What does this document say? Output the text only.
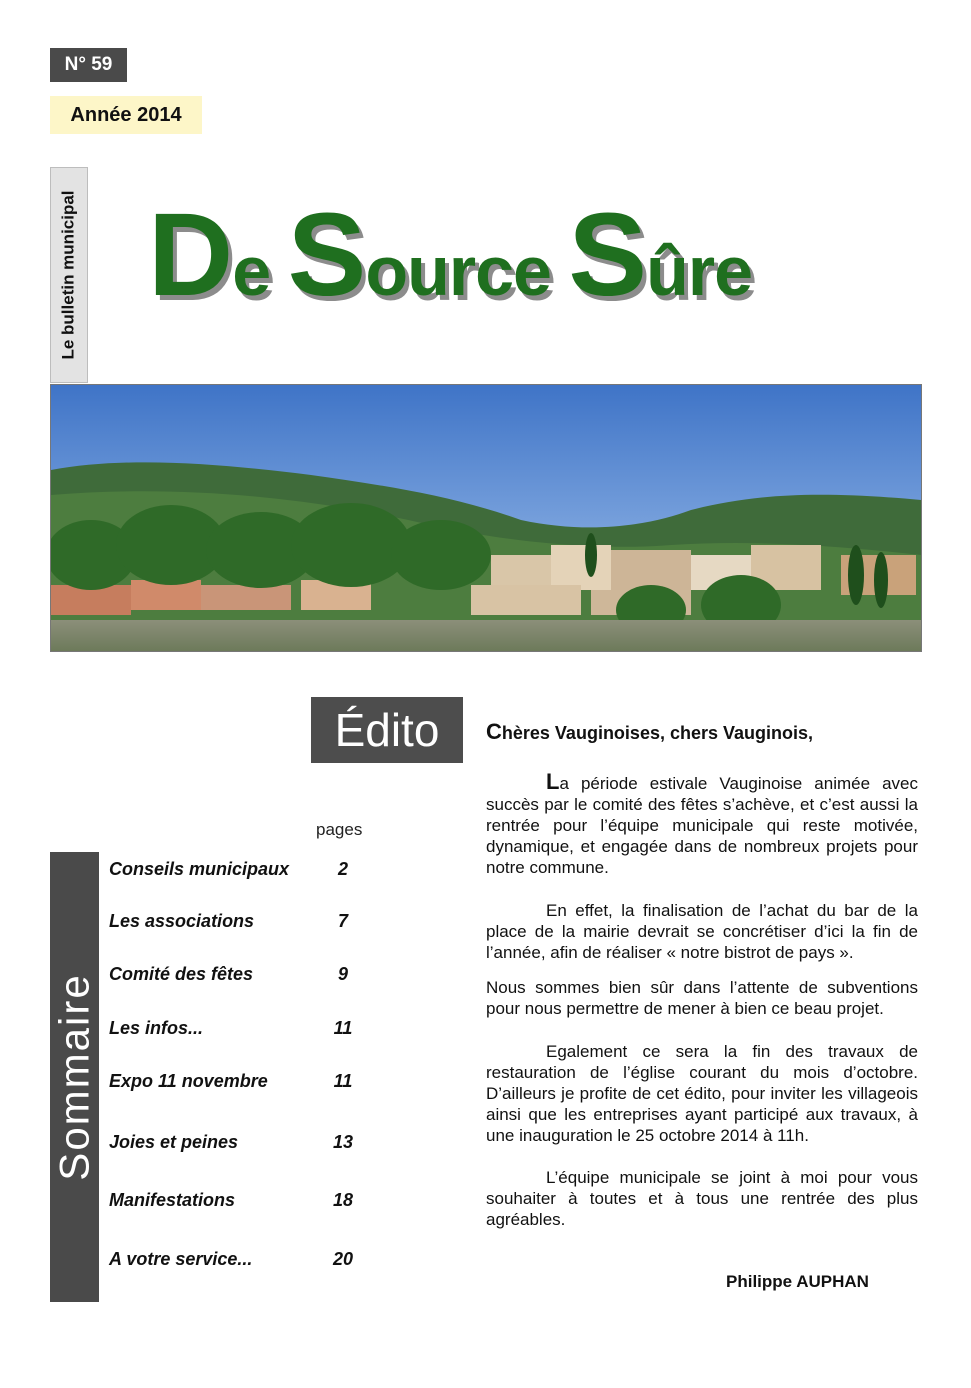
N° 59
Année 2014
Le bulletin municipal De Source Sûre
Édito
pages
Sommaire
Conseils municipaux	2
Les associations	7
Comité des fêtes	9
Les infos...	11
Expo 11 novembre	11
Joies et peines	13
Manifestations	18
A votre service...	20
Chères Vauginoises, chers Vauginois,
La période estivale Vauginoise animée avec succès par le comité des fêtes s’achève, et c’est aussi la rentrée pour l’équipe municipale qui reste motivée, dynamique, et engagée dans de nombreux projets pour notre commune.
En effet, la finalisation de l’achat du bar de la place de la mairie devrait se concrétiser d’ici la fin de l’année, afin de réaliser « notre bistrot de pays ».
Nous sommes bien sûr dans l’attente de subventions pour nous permettre de mener à bien ce beau projet.
Egalement ce sera la fin des travaux de restauration de l’église courant du mois d’octobre. D’ailleurs je profite de cet édito, pour inviter les villageois ainsi que les entreprises ayant participé aux travaux, à une inauguration le 25 octobre 2014 à 11h.
L’équipe municipale se joint à moi pour vous souhaiter à toutes et à tous une rentrée des plus agréables.
Philippe AUPHAN
